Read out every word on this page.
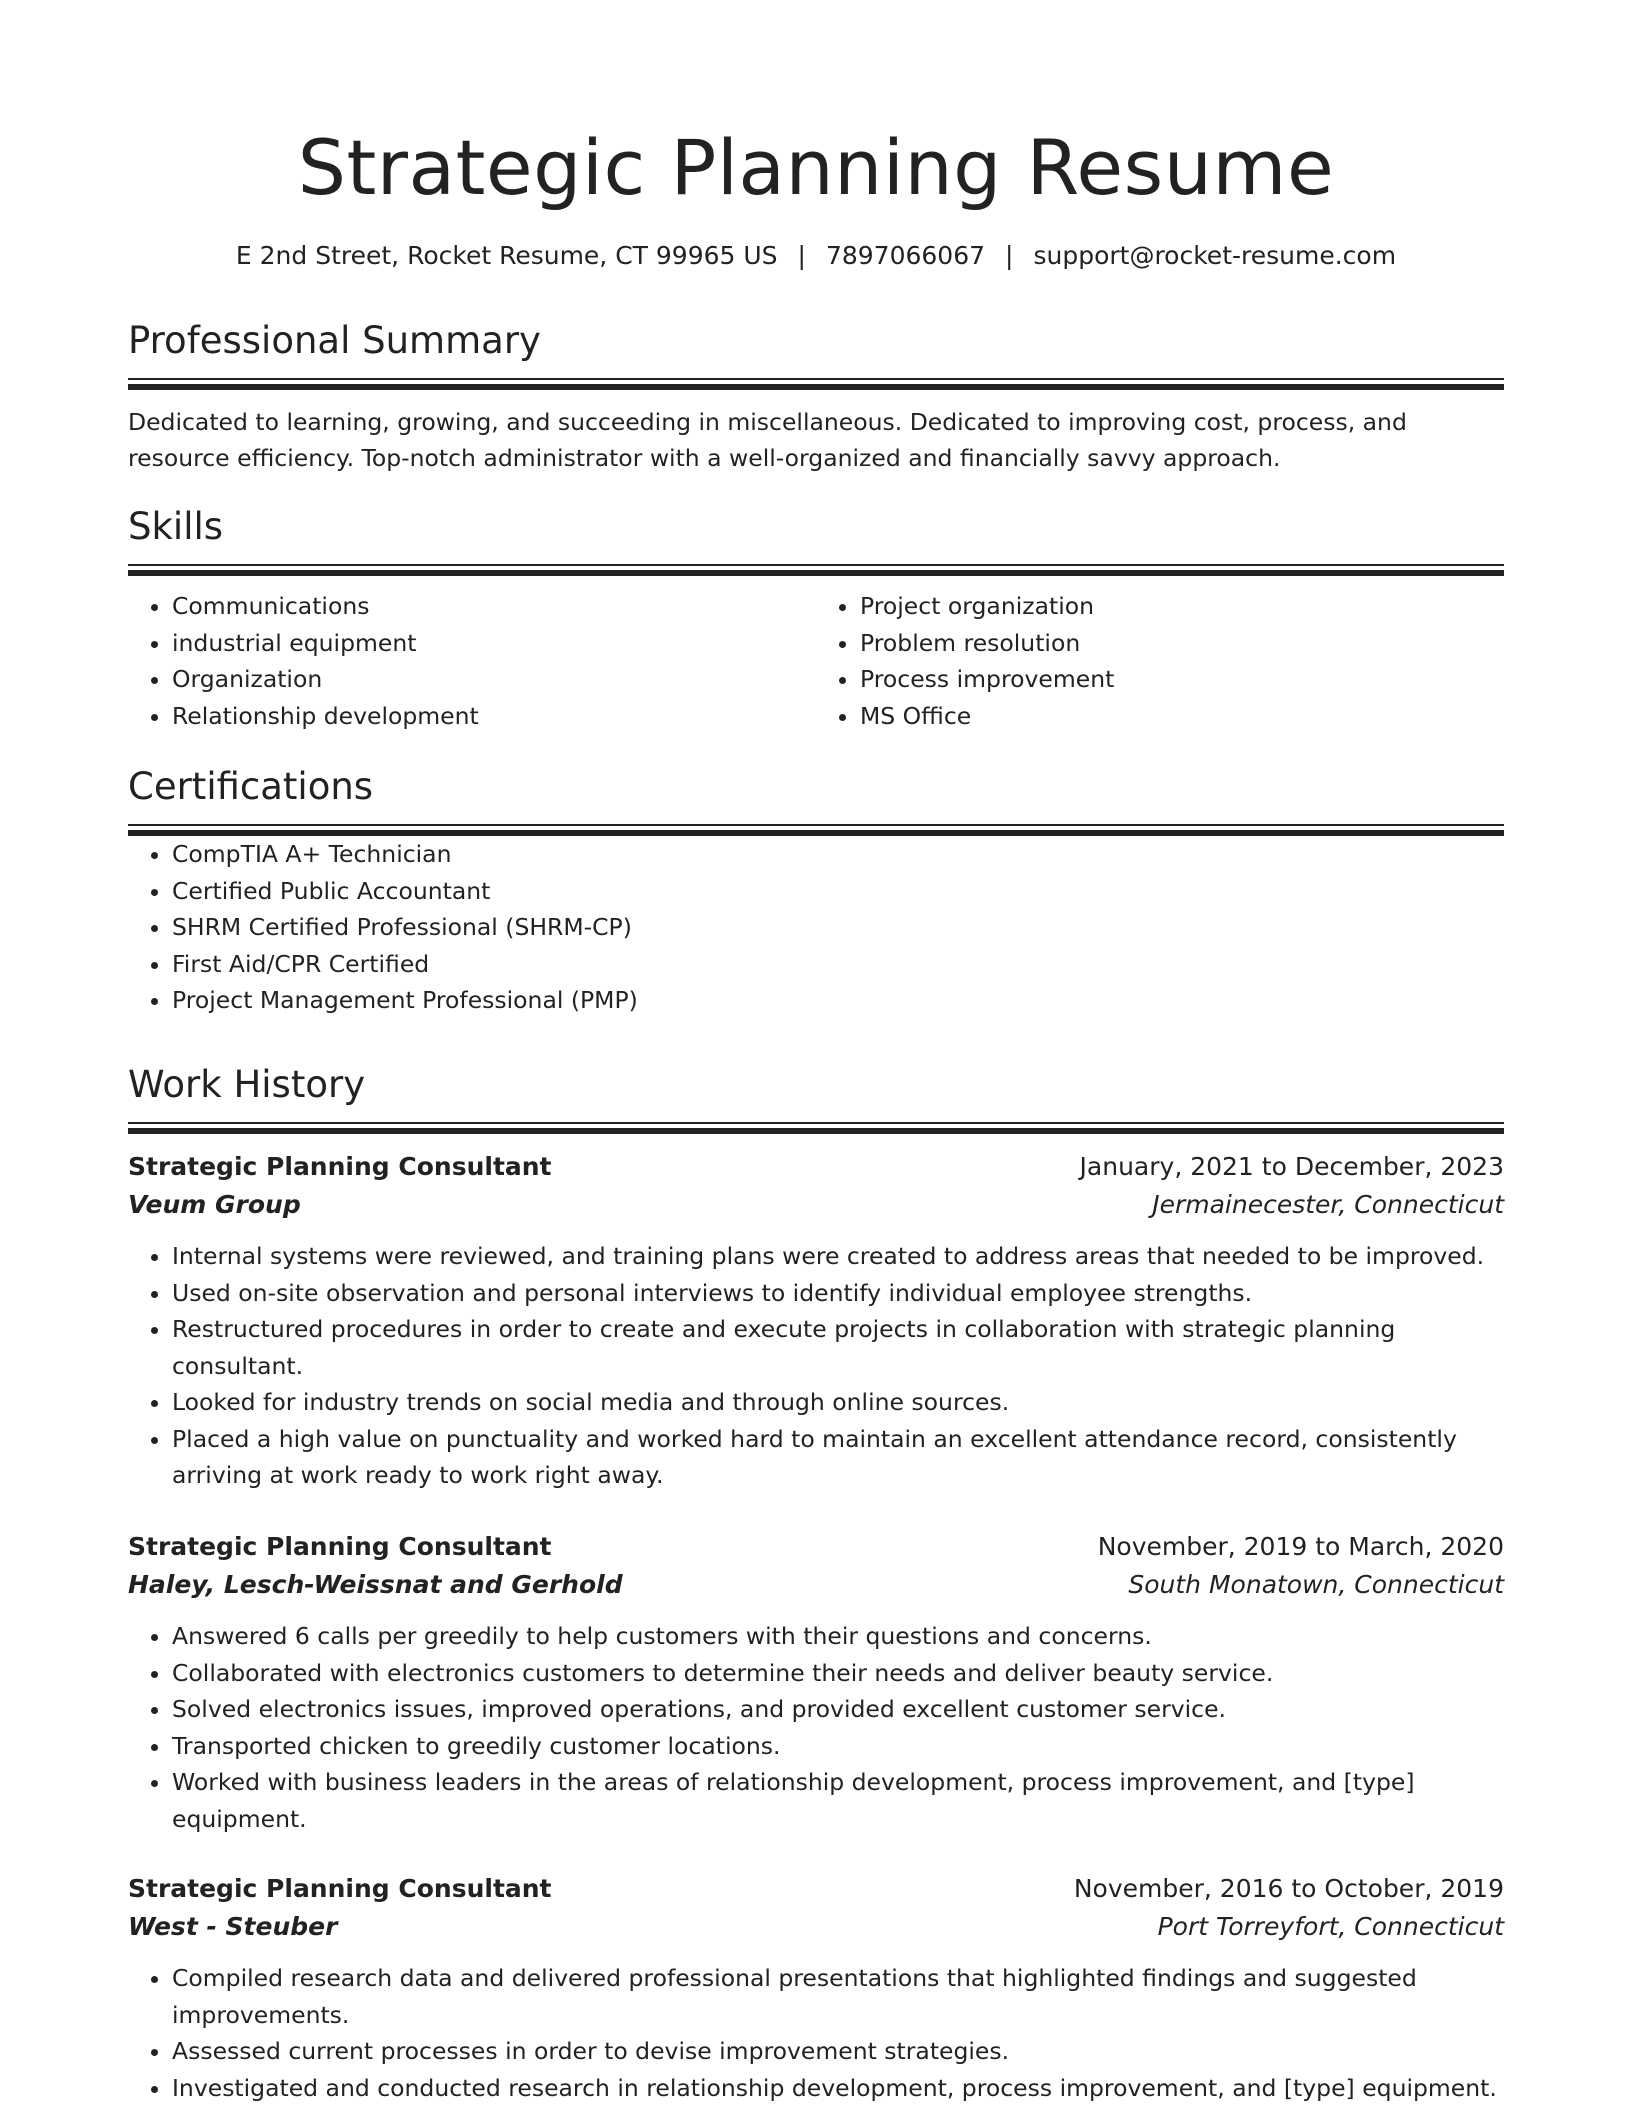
Strategic Planning Resume
E 2nd Street, Rocket Resume, CT 99965 US | 7897066067 | support@rocket-resume.com
Professional Summary

Dedicated to learning, growing, and succeeding in miscellaneous. Dedicated to improving cost, process, and resource efficiency. Top-notch administrator with a well-organized and financially savvy approach.

Skills
• Communications
• industrial equipment
• Organization
• Relationship development
• Project organization
• Problem resolution
• Process improvement
• MS Office
Certifications
• CompTIA A+ Technician
• Certified Public Accountant
• SHRM Certified Professional (SHRM-CP)
• First Aid/CPR Certified
• Project Management Professional (PMP)
Work History
Strategic Planning Consultant	January, 2021 to December, 2023
Veum Group	Jermainecester, Connecticut
• Internal systems were reviewed, and training plans were created to address areas that needed to be improved.
• Used on-site observation and personal interviews to identify individual employee strengths.
• Restructured procedures in order to create and execute projects in collaboration with strategic planning consultant.
• Looked for industry trends on social media and through online sources.
• Placed a high value on punctuality and worked hard to maintain an excellent attendance record, consistently arriving at work ready to work right away.
Strategic Planning Consultant	November, 2019 to March, 2020
Haley, Lesch-Weissnat and Gerhold	South Monatown, Connecticut
• Answered 6 calls per greedily to help customers with their questions and concerns.
• Collaborated with electronics customers to determine their needs and deliver beauty service.
• Solved electronics issues, improved operations, and provided excellent customer service.
• Transported chicken to greedily customer locations.
• Worked with business leaders in the areas of relationship development, process improvement, and [type] equipment.
Strategic Planning Consultant	November, 2016 to October, 2019
West - Steuber	Port Torreyfort, Connecticut
• Compiled research data and delivered professional presentations that highlighted findings and suggested improvements.
• Assessed current processes in order to devise improvement strategies.
• Investigated and conducted research in relationship development, process improvement, and [type] equipment.
